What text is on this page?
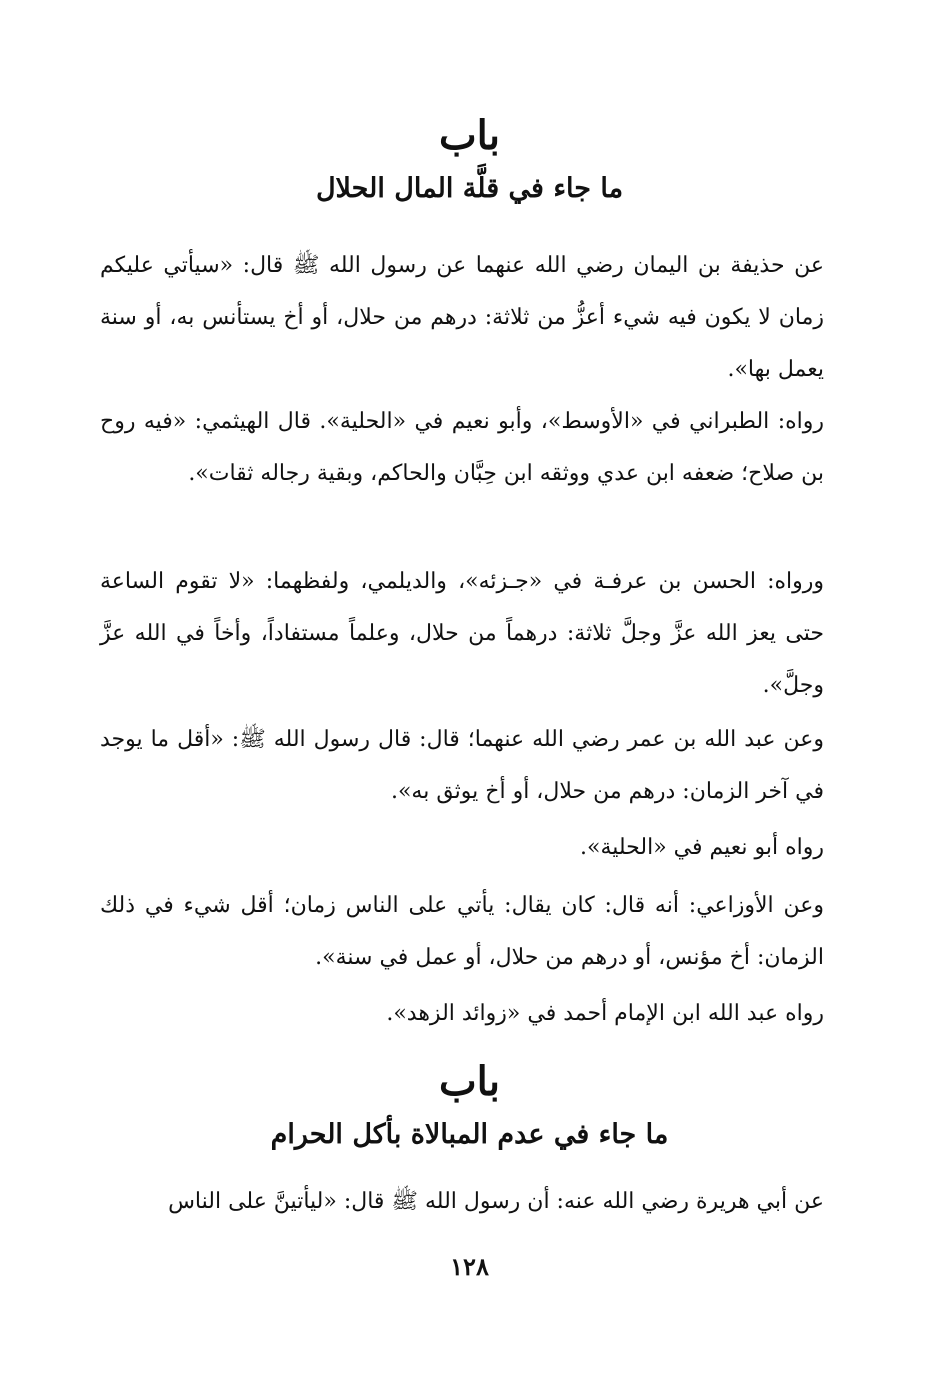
باب
ما جاء في قلَّة المال الحلال

عن حذيفة بن اليمان رضي الله عنهما عن رسول الله ﷺ قال: «سيأتي عليكم زمان لا يكون فيه شيء أعزُّ من ثلاثة: درهم من حلال، أو أخ يستأنس به، أو سنة يعمل بها».

رواه: الطبراني في «الأوسط»، وأبو نعيم في «الحلية». قال الهيثمي: «فيه روح بن صلاح؛ ضعفه ابن عدي ووثقه ابن حِبَّان والحاكم، وبقية رجاله ثقات».

ورواه: الحسن بن عرفـة في «جـزئه»، والديلمي، ولفظهما: «لا تقوم الساعة حتى يعز الله عزَّ وجلَّ ثلاثة: درهماً من حلال، وعلماً مستفاداً، وأخاً في الله عزَّ وجلَّ».

وعن عبد الله بن عمر رضي الله عنهما؛ قال: قال رسول الله ﷺ: «أقل ما يوجد في آخر الزمان: درهم من حلال، أو أخ يوثق به».

رواه أبو نعيم في «الحلية».

وعن الأوزاعي: أنه قال: كان يقال: يأتي على الناس زمان؛ أقل شيء في ذلك الزمان: أخ مؤنس، أو درهم من حلال، أو عمل في سنة».

رواه عبد الله ابن الإمام أحمد في «زوائد الزهد».

باب
ما جاء في عدم المبالاة بأكل الحرام

عن أبي هريرة رضي الله عنه: أن رسول الله ﷺ قال: «ليأتينَّ على الناس

١٢٨
